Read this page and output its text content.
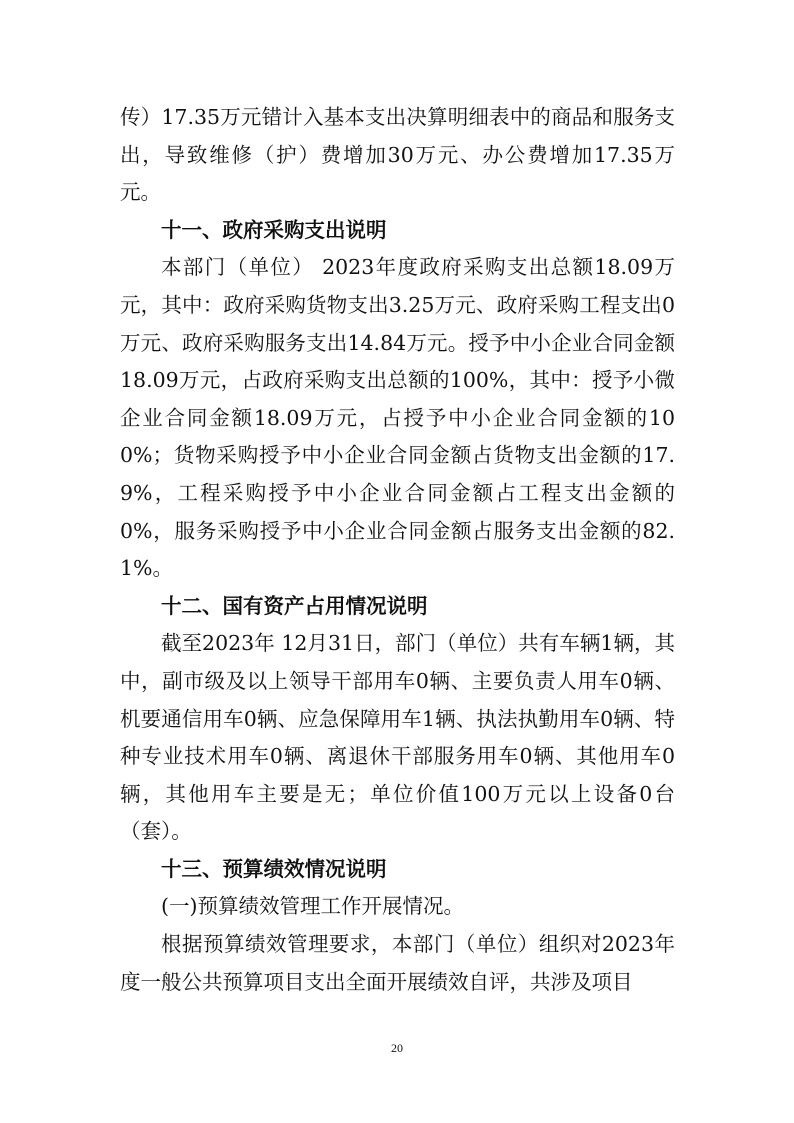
传）17.35万元错计入基本支出决算明细表中的商品和服务支出，导致维修（护）费增加30万元、办公费增加17.35万元。

十一、政府采购支出说明

本部门（单位） 2023年度政府采购支出总额18.09万元，其中：政府采购货物支出3.25万元、政府采购工程支出0万元、政府采购服务支出14.84万元。授予中小企业合同金额18.09万元，占政府采购支出总额的100%，其中：授予小微企业合同金额18.09万元，占授予中小企业合同金额的100%；货物采购授予中小企业合同金额占货物支出金额的17.9%，工程采购授予中小企业合同金额占工程支出金额的0%，服务采购授予中小企业合同金额占服务支出金额的82.1%。

十二、国有资产占用情况说明

截至2023年 12月31日，部门（单位）共有车辆1辆，其中，副市级及以上领导干部用车0辆、主要负责人用车0辆、机要通信用车0辆、应急保障用车1辆、执法执勤用车0辆、特种专业技术用车0辆、离退休干部服务用车0辆、其他用车0辆，其他用车主要是无；单位价值100万元以上设备0台（套）。

十三、预算绩效情况说明

(一)预算绩效管理工作开展情况。

根据预算绩效管理要求，本部门（单位）组织对2023年度一般公共预算项目支出全面开展绩效自评，共涉及项目

20
